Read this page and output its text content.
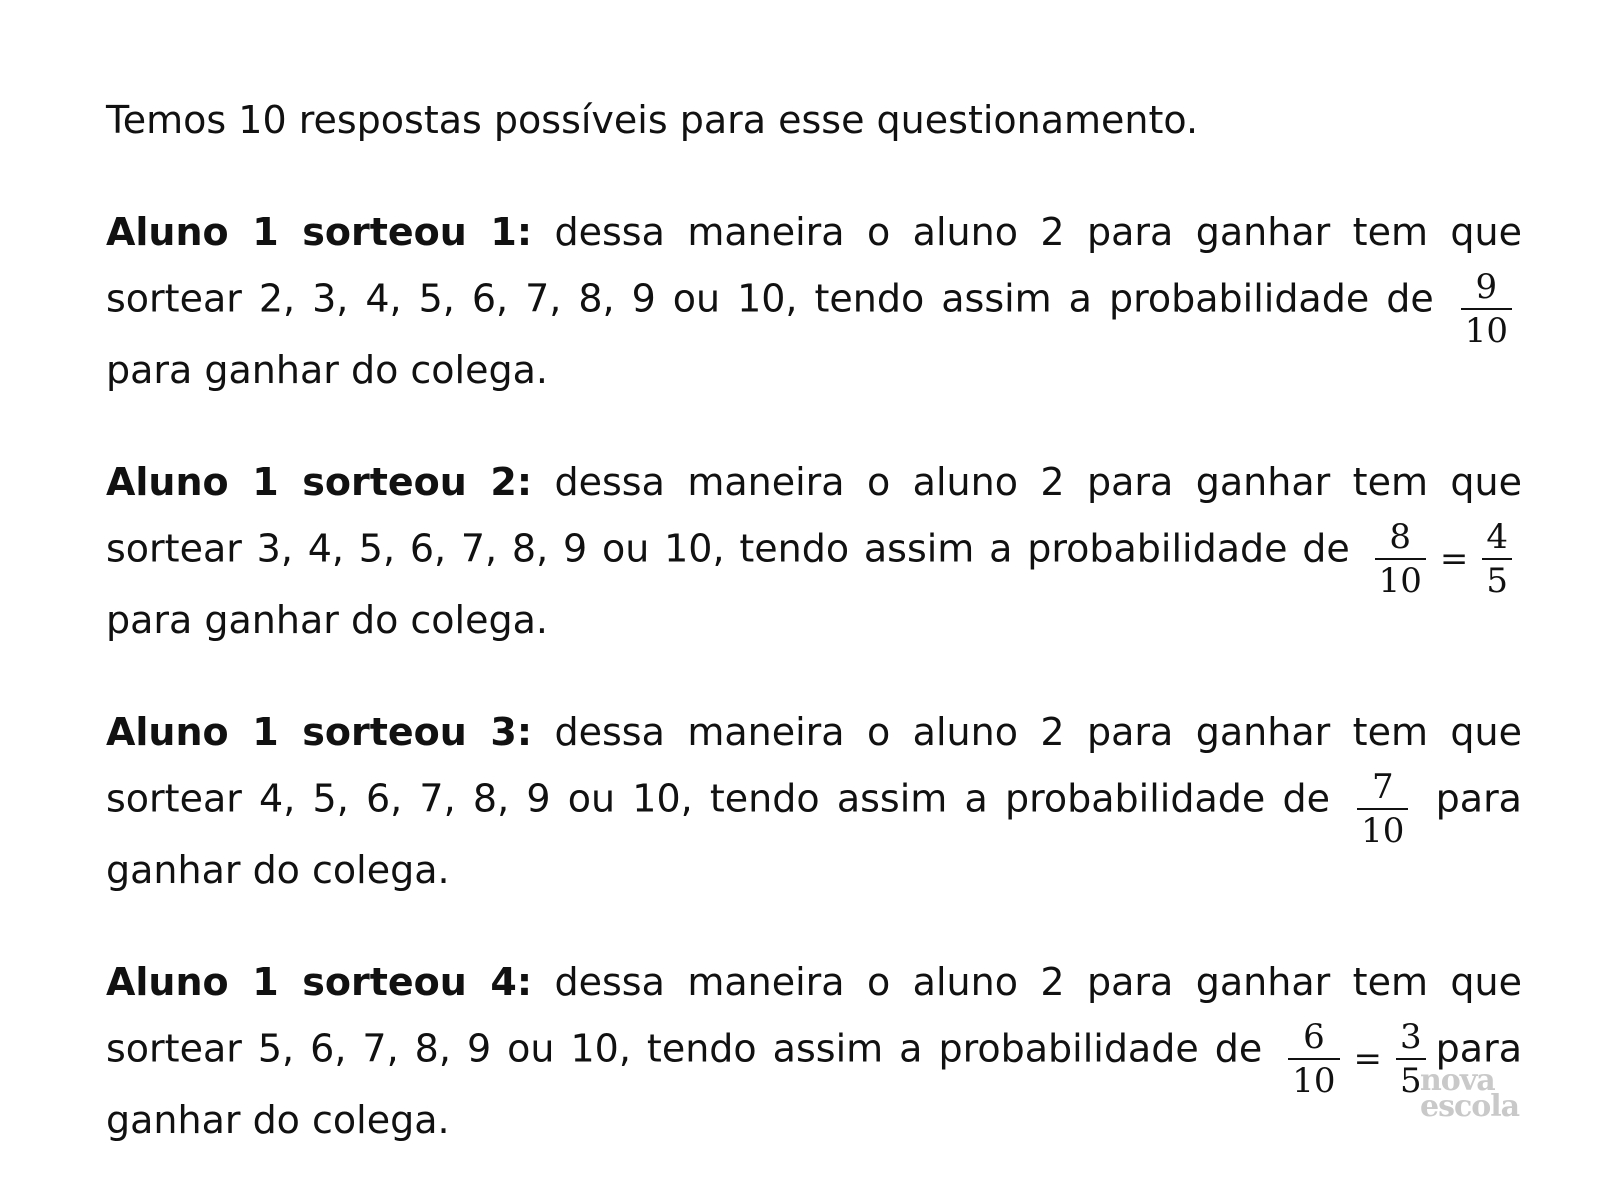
Temos 10 respostas possíveis para esse questionamento.

Aluno 1 sorteou 1: dessa maneira o aluno 2 para ganhar tem que sortear 2, 3, 4, 5, 6, 7, 8, 9 ou 10, tendo assim a probabilidade de $\frac{9}{10}$
para ganhar do colega.

Aluno 1 sorteou 2: dessa maneira o aluno 2 para ganhar tem que sortear 3, 4, 5, 6, 7, 8, 9 ou 10, tendo assim a probabilidade de $\frac{8}{10} = \frac{4}{5}$
para ganhar do colega.

Aluno 1 sorteou 3: dessa maneira o aluno 2 para ganhar tem que sortear 4, 5, 6, 7, 8, 9 ou 10, tendo assim a probabilidade de $\frac{7}{10}$ para ganhar do colega.

Aluno 1 sorteou 4: dessa maneira o aluno 2 para ganhar tem que sortear 5, 6, 7, 8, 9 ou 10, tendo assim a probabilidade de $\frac{6}{10} = \frac{3}{5}$ para ganhar do colega.

nova
escola
